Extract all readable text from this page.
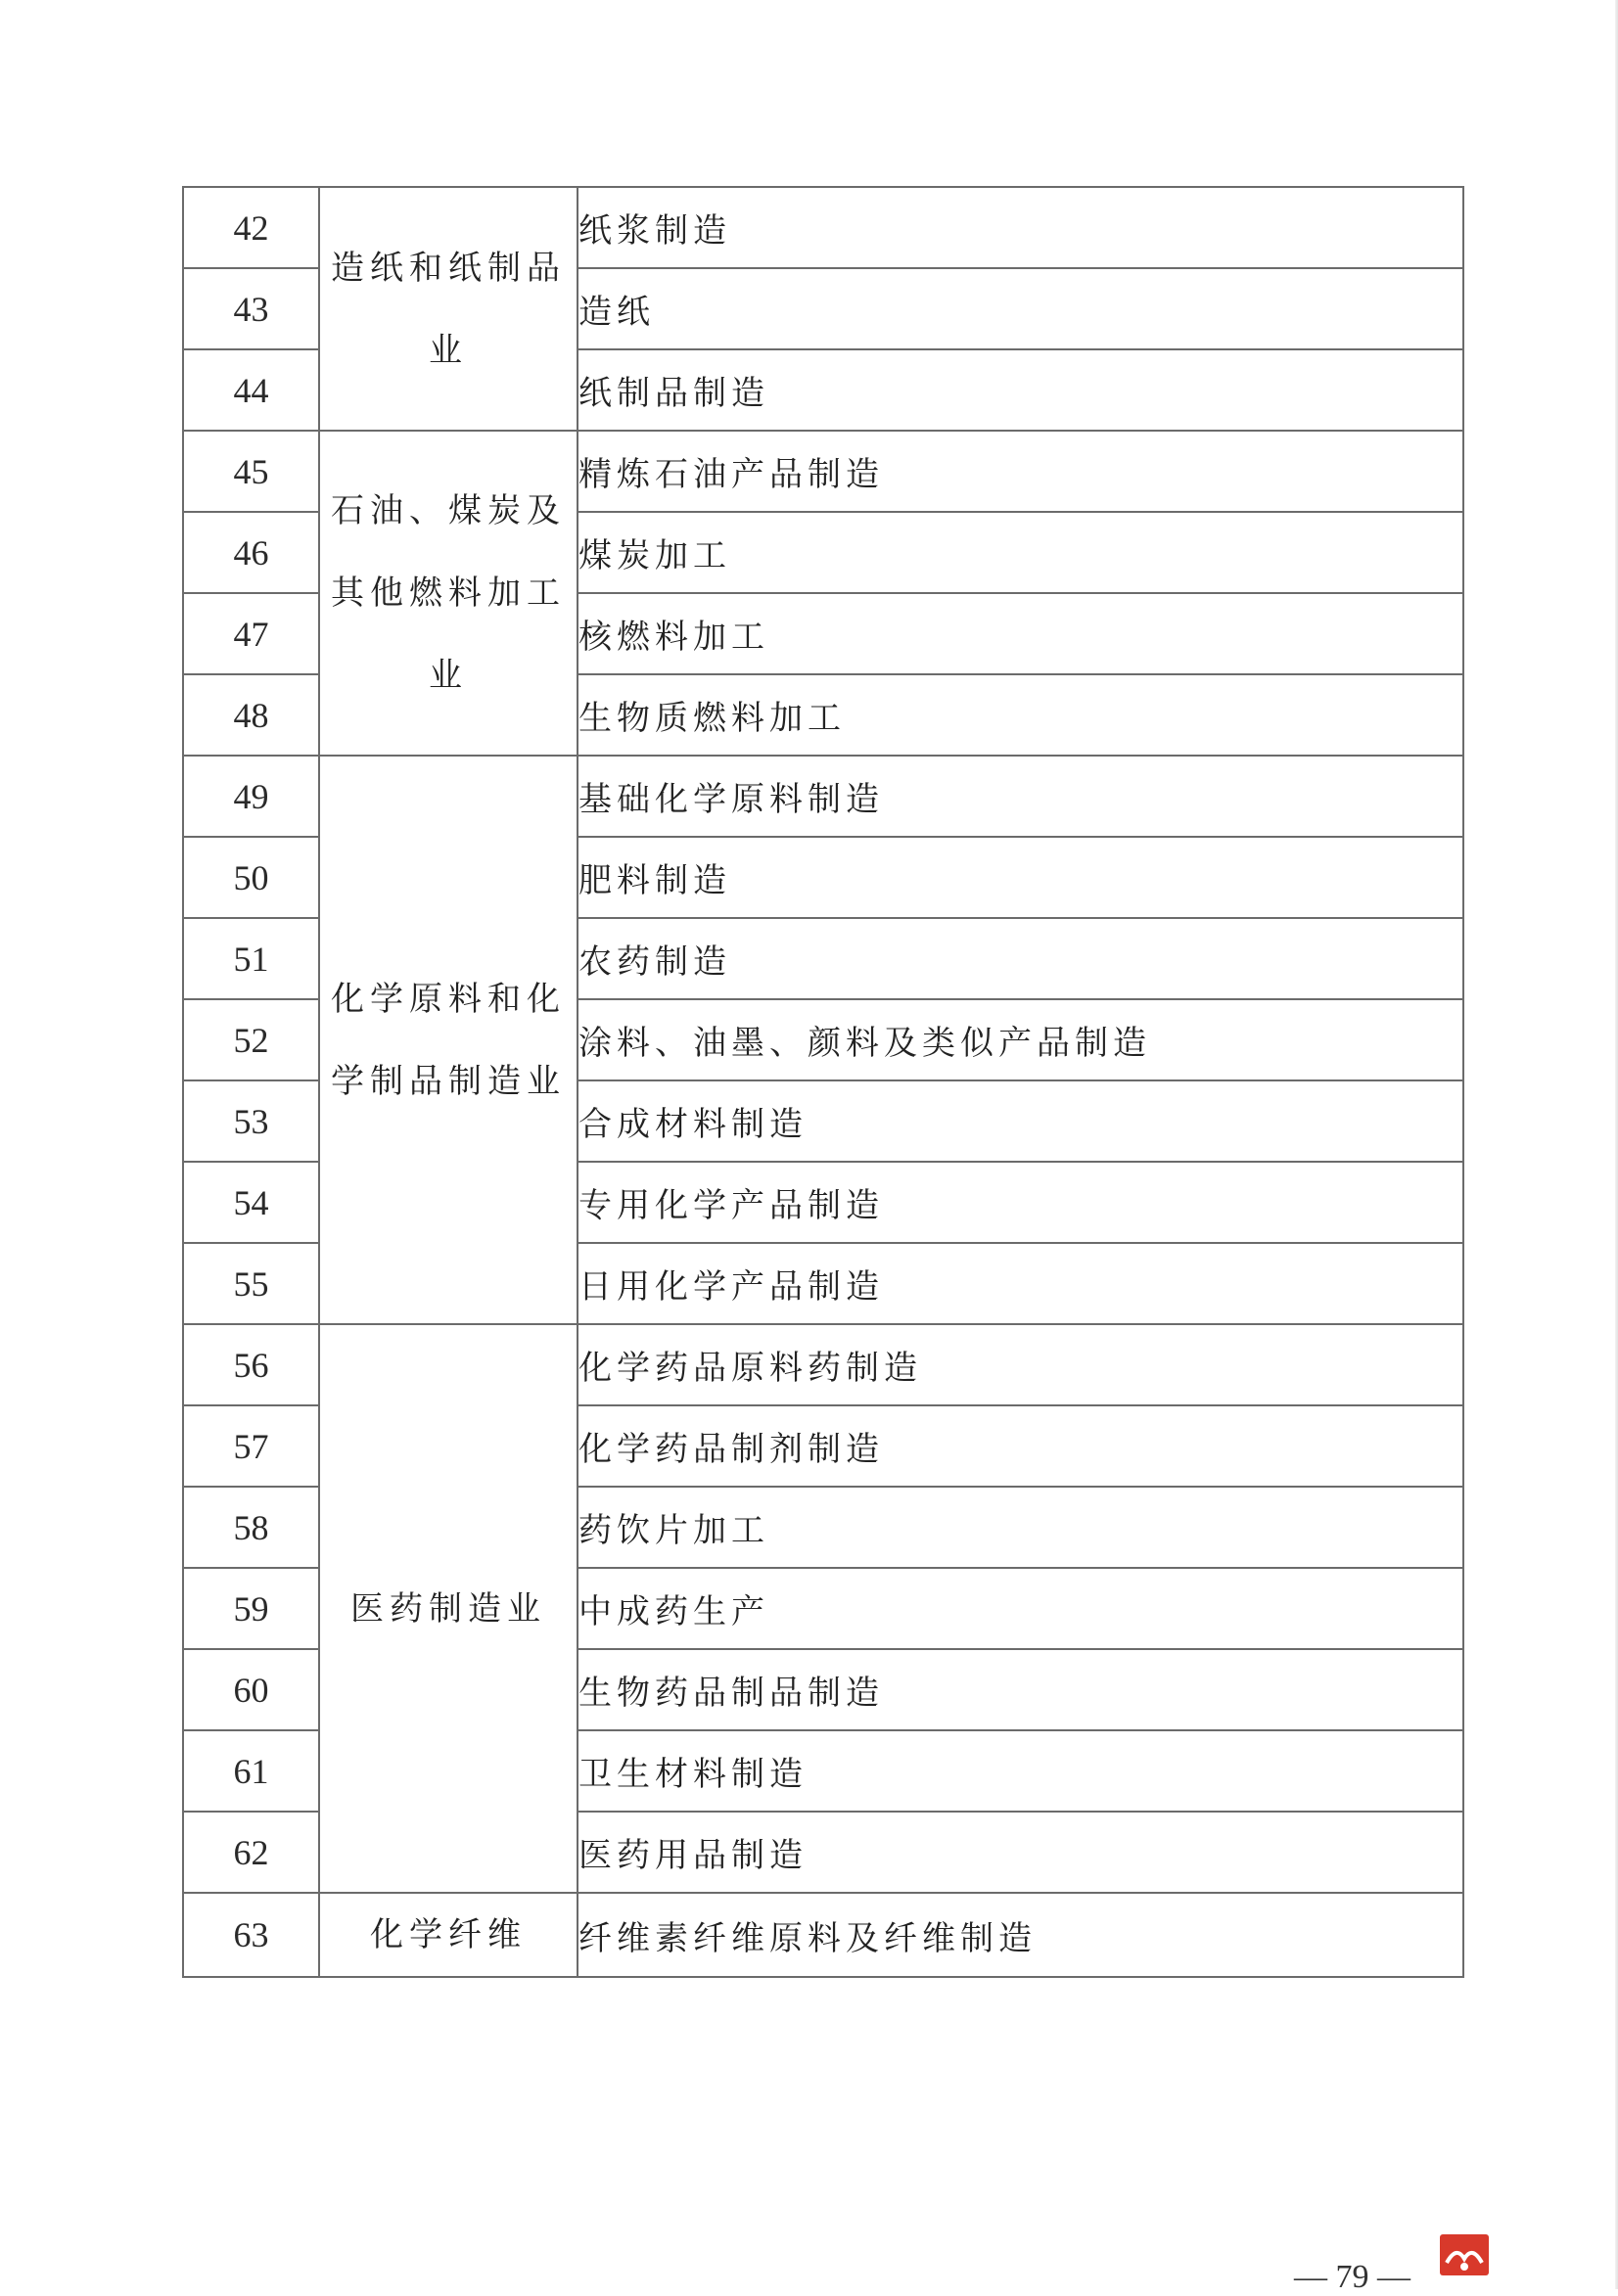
42	造纸和纸制品业	纸浆制造
43		造纸
44		纸制品制造
45	石油、煤炭及其他燃料加工业	精炼石油产品制造
46		煤炭加工
47		核燃料加工
48		生物质燃料加工
49	化学原料和化学制品制造业	基础化学原料制造
50		肥料制造
51		农药制造
52		涂料、油墨、颜料及类似产品制造
53		合成材料制造
54		专用化学产品制造
55		日用化学产品制造
56	医药制造业	化学药品原料药制造
57		化学药品制剂制造
58		药饮片加工
59		中成药生产
60		生物药品制品制造
61		卫生材料制造
62		医药用品制造
63	化学纤维	纤维素纤维原料及纤维制造
— 79 —
